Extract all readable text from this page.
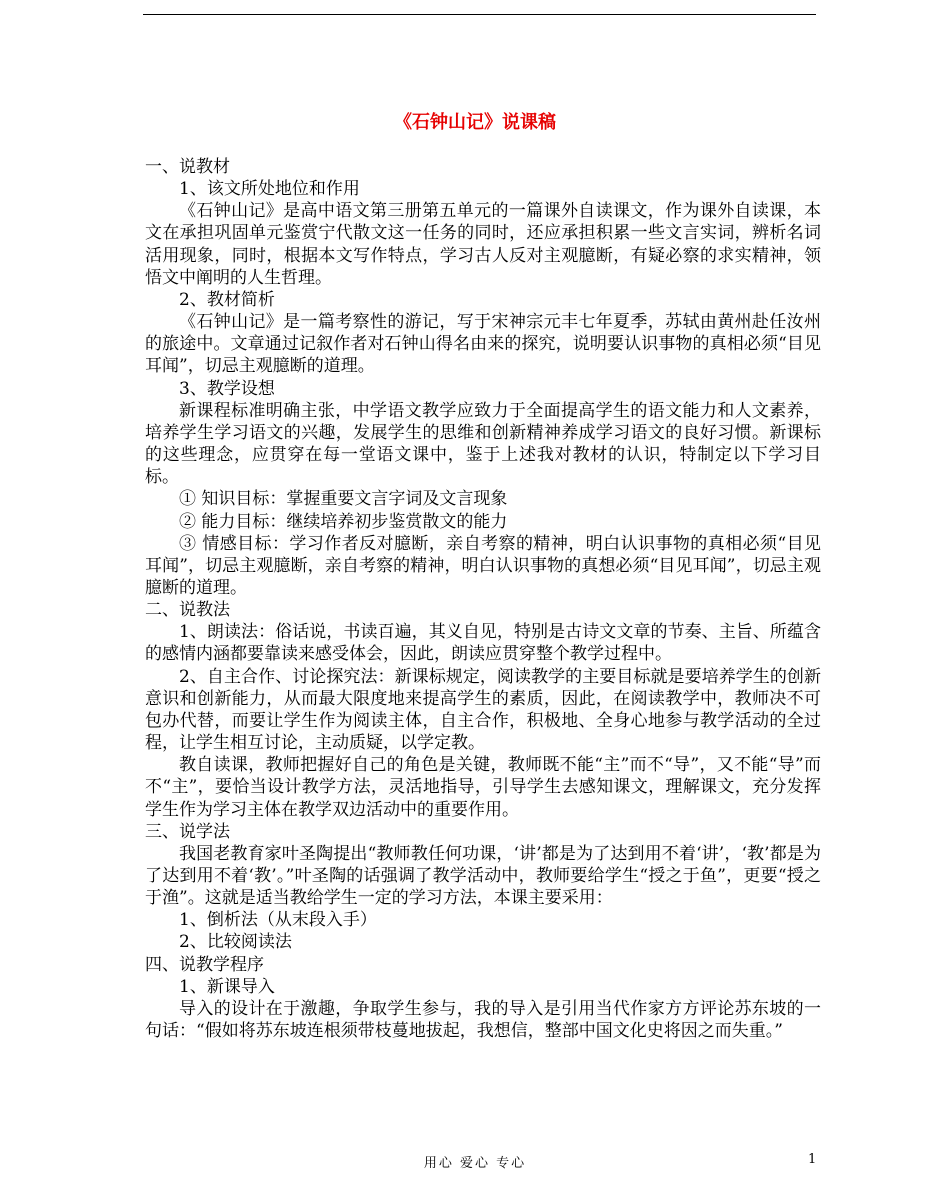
《石钟山记》说课稿

一、说教材

1、该文所处地位和作用

《石钟山记》是高中语文第三册第五单元的一篇课外自读课文，作为课外自读课，本文在承担巩固单元鉴赏宁代散文这一任务的同时，还应承担积累一些文言实词，辨析名词活用现象，同时，根据本文写作特点，学习古人反对主观臆断，有疑必察的求实精神，领悟文中阐明的人生哲理。

2、教材简析

《石钟山记》是一篇考察性的游记，写于宋神宗元丰七年夏季，苏轼由黄州赴任汝州的旅途中。文章通过记叙作者对石钟山得名由来的探究，说明要认识事物的真相必须“目见耳闻”，切忌主观臆断的道理。

3、教学设想

新课程标准明确主张，中学语文教学应致力于全面提高学生的语文能力和人文素养，培养学生学习语文的兴趣，发展学生的思维和创新精神养成学习语文的良好习惯。新课标的这些理念，应贯穿在每一堂语文课中，鉴于上述我对教材的认识，特制定以下学习目标。

① 知识目标：掌握重要文言字词及文言现象

② 能力目标：继续培养初步鉴赏散文的能力

③ 情感目标：学习作者反对臆断，亲自考察的精神，明白认识事物的真相必须“目见耳闻”，切忌主观臆断，亲自考察的精神，明白认识事物的真想必须“目见耳闻”，切忌主观臆断的道理。

二、说教法

1、朗读法：俗话说，书读百遍，其义自见，特别是古诗文文章的节奏、主旨、所蕴含的感情内涵都要靠读来感受体会，因此，朗读应贯穿整个教学过程中。

2、自主合作、讨论探究法：新课标规定，阅读教学的主要目标就是要培养学生的创新意识和创新能力，从而最大限度地来提高学生的素质，因此，在阅读教学中，教师决不可包办代替，而要让学生作为阅读主体，自主合作，积极地、全身心地参与教学活动的全过程，让学生相互讨论，主动质疑，以学定教。

教自读课，教师把握好自己的角色是关键，教师既不能“主”而不“导”，又不能“导”而不“主”，要恰当设计教学方法，灵活地指导，引导学生去感知课文，理解课文，充分发挥学生作为学习主体在教学双边活动中的重要作用。

三、说学法

我国老教育家叶圣陶提出“教师教任何功课，‘讲’都是为了达到用不着‘讲’，‘教’都是为了达到用不着‘教’。”叶圣陶的话强调了教学活动中，教师要给学生“授之于鱼”，更要“授之于渔”。这就是适当教给学生一定的学习方法，本课主要采用：

1、倒析法（从末段入手）

2、比较阅读法

四、说教学程序

1、新课导入

导入的设计在于激趣，争取学生参与，我的导入是引用当代作家方方评论苏东坡的一句话：“假如将苏东坡连根须带枝蔓地拔起，我想信，整部中国文化史将因之而失重。”

用心 爱心 专心	1
